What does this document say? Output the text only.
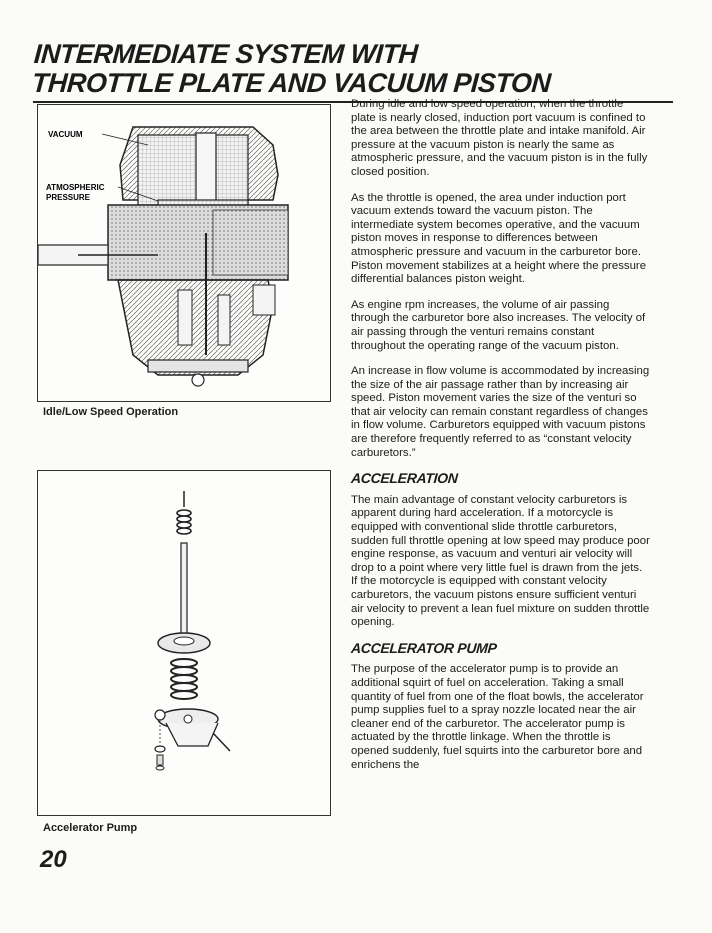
INTERMEDIATE SYSTEM WITH
THROTTLE PLATE AND VACUUM PISTON
VACUUM
ATMOSPHERIC
PRESSURE

Idle/Low Speed Operation

Accelerator Pump

During idle and low speed operation, when the throttle plate is nearly closed, induction port vacuum is confined to the area between the throttle plate and intake manifold. Air pressure at the vacuum piston is nearly the same as atmospheric pressure, and the vacuum piston is in the fully closed position.

As the throttle is opened, the area under induction port vacuum extends toward the vacuum piston. The intermediate system becomes operative, and the vacuum piston moves in response to differences between atmospheric pressure and vacuum in the carburetor bore. Piston movement stabilizes at a height where the pressure differential balances piston weight.

As engine rpm increases, the volume of air passing through the carburetor bore also increases. The velocity of air passing through the venturi remains constant throughout the operating range of the vacuum piston.

An increase in flow volume is accommodated by increasing the size of the air passage rather than by increasing air speed. Piston movement varies the size of the venturi so that air velocity can remain constant regardless of changes in flow volume. Carburetors equipped with vacuum pistons are therefore frequently referred to as “constant velocity carburetors.”

ACCELERATION

The main advantage of constant velocity carburetors is apparent during hard acceleration. If a motorcycle is equipped with conventional slide throttle carburetors, sudden full throttle opening at low speed may produce poor engine response, as vacuum and venturi air velocity will drop to a point where very little fuel is drawn from the jets. If the motorcycle is equipped with constant velocity carburetors, the vacuum pistons ensure sufficient venturi air velocity to prevent a lean fuel mixture on sudden throttle opening.

ACCELERATOR PUMP

The purpose of the accelerator pump is to provide an additional squirt of fuel on acceleration. Taking a small quantity of fuel from one of the float bowls, the accelerator pump supplies fuel to a spray nozzle located near the air cleaner end of the carburetor. The accelerator pump is actuated by the throttle linkage. When the throttle is opened suddenly, fuel squirts into the carburetor bore and enrichens the

20
